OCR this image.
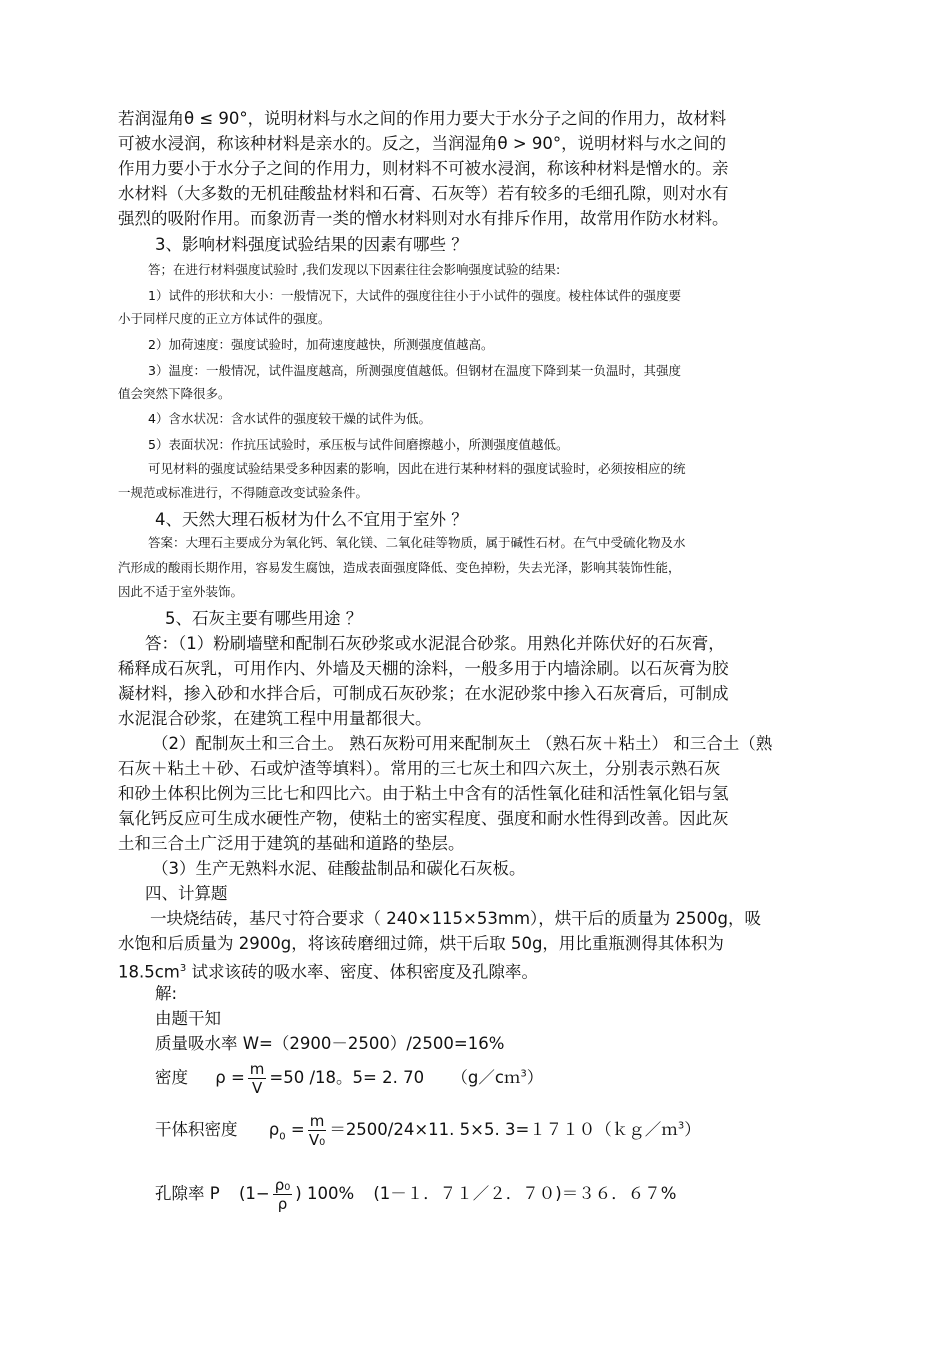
若润湿角θ ≤ 90°，说明材料与水之间的作用力要大于水分子之间的作用力，故材料
可被水浸润，称该种材料是亲水的。反之，当润湿角θ > 90°，说明材料与水之间的
作用力要小于水分子之间的作用力，则材料不可被水浸润，称该种材料是憎水的。亲
水材料（大多数的无机硅酸盐材料和石膏、石灰等）若有较多的毛细孔隙，则对水有
强烈的吸附作用。而象沥青一类的憎水材料则对水有排斥作用，故常用作防水材料。
3、影响材料强度试验结果的因素有哪些 ？
答；在进行材料强度试验时 ,我们发现以下因素往往会影响强度试验的结果:
1）试件的形状和大小：一般情况下，大试件的强度往往小于小试件的强度。棱柱体试件的强度要
小于同样尺度的正立方体试件的强度。
2）加荷速度：强度试验时，加荷速度越快，所测强度值越高。
3）温度：一般情况，试件温度越高，所测强度值越低。但钢材在温度下降到某一负温时，其强度
值会突然下降很多。
4）含水状况：含水试件的强度较干燥的试件为低。
5）表面状况：作抗压试验时，承压板与试件间磨擦越小，所测强度值越低。
可见材料的强度试验结果受多种因素的影响，因此在进行某种材料的强度试验时，必须按相应的统
一规范或标准进行，不得随意改变试验条件。
4、天然大理石板材为什么不宜用于室外 ？
答案：大理石主要成分为氧化钙、氧化镁、二氧化硅等物质，属于碱性石材。在气中受硫化物及水
汽形成的酸雨长期作用，容易发生腐蚀，造成表面强度降低、变色掉粉，失去光泽，影响其装饰性能，
因此不适于室外装饰。
5、石灰主要有哪些用途 ？
答：（1）粉刷墙壁和配制石灰砂浆或水泥混合砂浆。用熟化并陈伏好的石灰膏，
稀释成石灰乳，可用作内、外墙及天棚的涂料，一般多用于内墙涂刷。以石灰膏为胶
凝材料，掺入砂和水拌合后，可制成石灰砂浆；在水泥砂浆中掺入石灰膏后，可制成
水泥混合砂浆，在建筑工程中用量都很大。
（2）配制灰土和三合土。 熟石灰粉可用来配制灰土 （熟石灰＋粘土） 和三合土（熟
石灰＋粘土＋砂、石或炉渣等填料）。常用的三七灰土和四六灰土，分别表示熟石灰
和砂土体积比例为三比七和四比六。由于粘土中含有的活性氧化硅和活性氧化铝与氢
氧化钙反应可生成水硬性产物，使粘土的密实程度、强度和耐水性得到改善。因此灰
土和三合土广泛用于建筑的基础和道路的垫层。
（3）生产无熟料水泥、硅酸盐制品和碳化石灰板。
四、计算题
一块烧结砖，基尺寸符合要求（ 240×115×53mm），烘干后的质量为 2500g，吸
水饱和后质量为 2900g，将该砖磨细过筛，烘干后取 50g，用比重瓶测得其体积为
$18.5cm^3$ 试求该砖的吸水率、密度、体积密度及孔隙率。
解:
由题干知
质量吸水率 W=（2900－2500）/2500=16%
密度 $\rho = \frac{m}{V} =50$ /18。5= 2. 70 （g／cｍ$^3$）
干体积密度 $\rho_0 = \frac{m}{\text{V₀}} =2500/24\times 11$. 5×5. 3=１７１０（ｋｇ／ｍ$^3$）
孔隙率 P ($1- \frac{\text{ρ₀}}{\rho}$ ) 100% (1－１．７１／２．７０)＝３６．６７%
